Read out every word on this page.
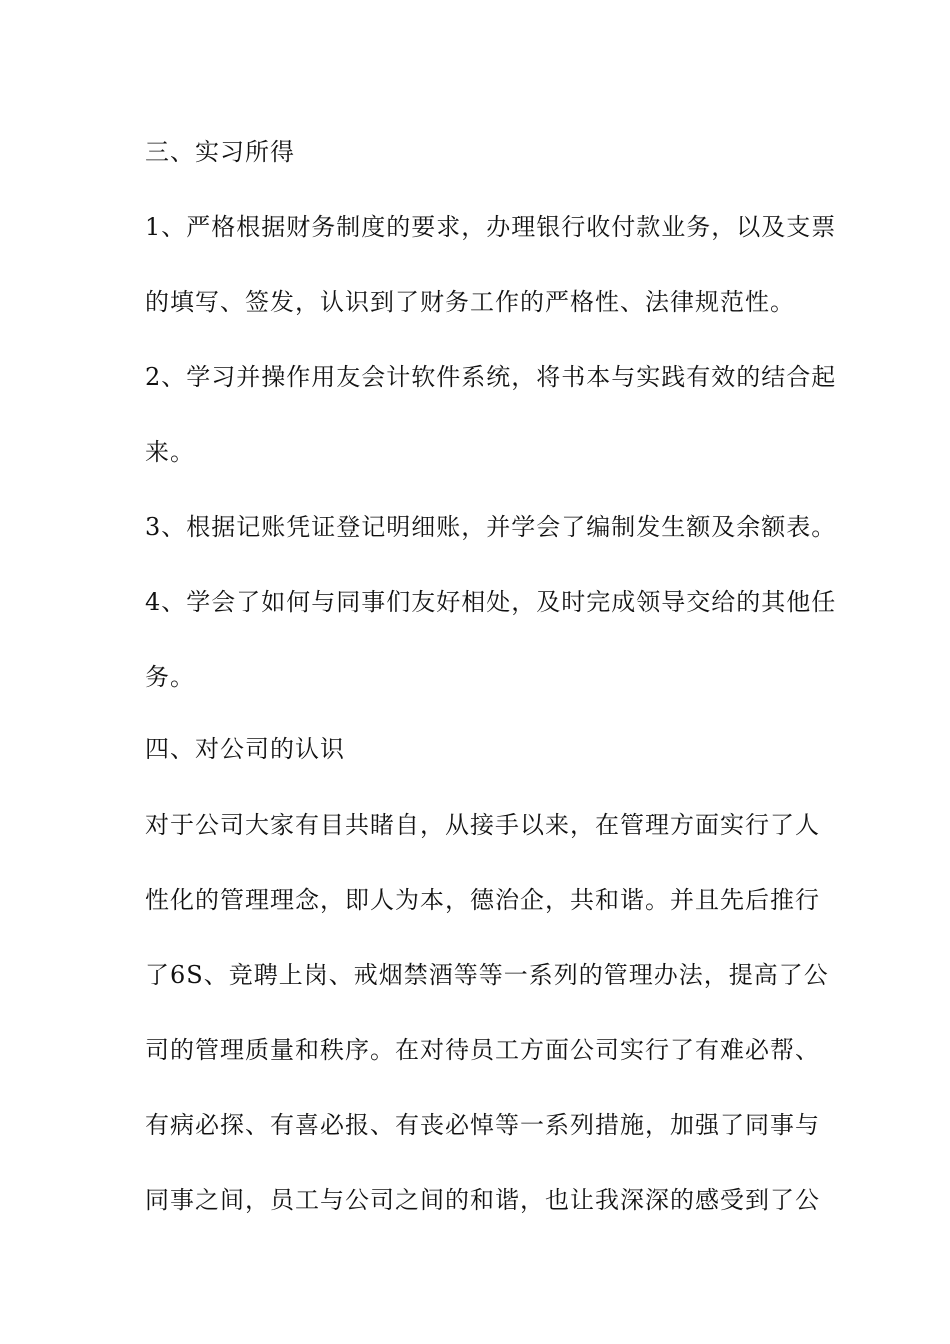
三、实习所得
1、严格根据财务制度的要求，办理银行收付款业务，以及支票
的填写、签发，认识到了财务工作的严格性、法律规范性。
2、学习并操作用友会计软件系统，将书本与实践有效的结合起
来。
3、根据记账凭证登记明细账，并学会了编制发生额及余额表。
4、学会了如何与同事们友好相处，及时完成领导交给的其他任
务。
四、对公司的认识
对于公司大家有目共睹自，从接手以来，在管理方面实行了人
性化的管理理念，即人为本，德治企，共和谐。并且先后推行
了6S、竞聘上岗、戒烟禁酒等等一系列的管理办法，提高了公
司的管理质量和秩序。在对待员工方面公司实行了有难必帮、
有病必探、有喜必报、有丧必悼等一系列措施，加强了同事与
同事之间，员工与公司之间的和谐，也让我深深的感受到了公
